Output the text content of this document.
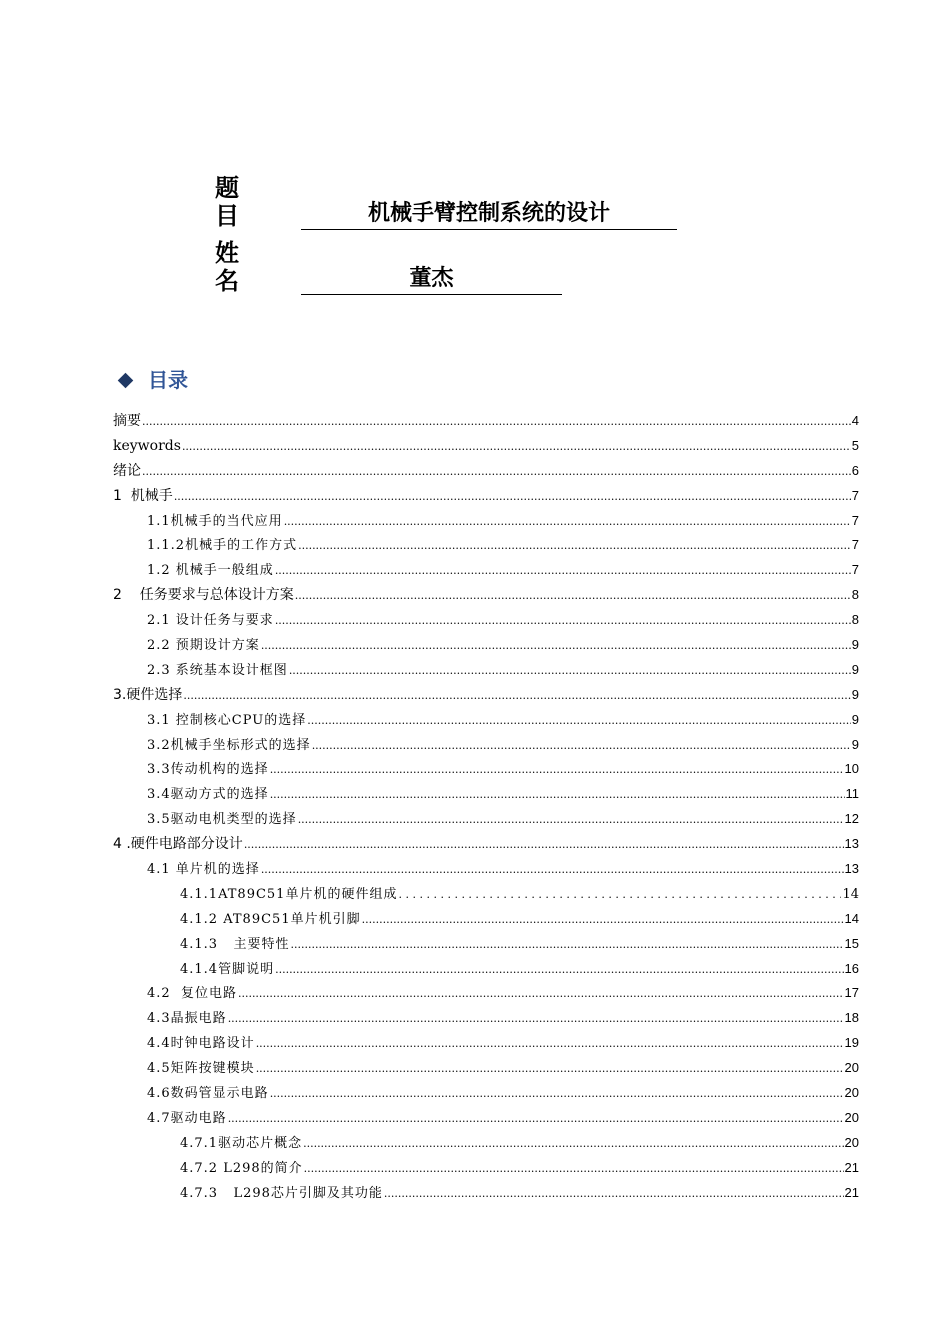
题 目	机械手臂控制系统的设计
姓 名	董杰
目录
摘要 .....	4
keywords .....	5
绪论 .....	6
1  机械手 .....	7
1.1机械手的当代应用 .....	7
1.1.2机械手的工作方式 .....	7
1.2 机械手一般组成 .....	7
2    任务要求与总体设计方案 .....	8
2.1 设计任务与要求 .....	8
2.2 预期设计方案 .....	9
2.3 系统基本设计框图 .....	9
3.硬件选择 .....	9
3.1 控制核心CPU的选择 .....	9
3.2机械手坐标形式的选择 .....	9
3.3传动机构的选择 .....	10
3.4驱动方式的选择 .....	11
3.5驱动电机类型的选择 .....	12
4 .硬件电路部分设计 .....	13
4.1 单片机的选择 .....	13
4.1.1AT89C51单片机的硬件组成 .....	14
4.1.2 AT89C51单片机引脚 .....	14
4.1.3   主要特性 .....	15
4.1.4管脚说明 .....	16
4.2  复位电路 .....	17
4.3晶振电路 .....	18
4.4时钟电路设计 .....	19
4.5矩阵按键模块 .....	20
4.6数码管显示电路 .....	20
4.7驱动电路 .....	20
4.7.1驱动芯片概念 .....	20
4.7.2 L298的简介 .....	21
4.7.3   L298芯片引脚及其功能 .....	21
